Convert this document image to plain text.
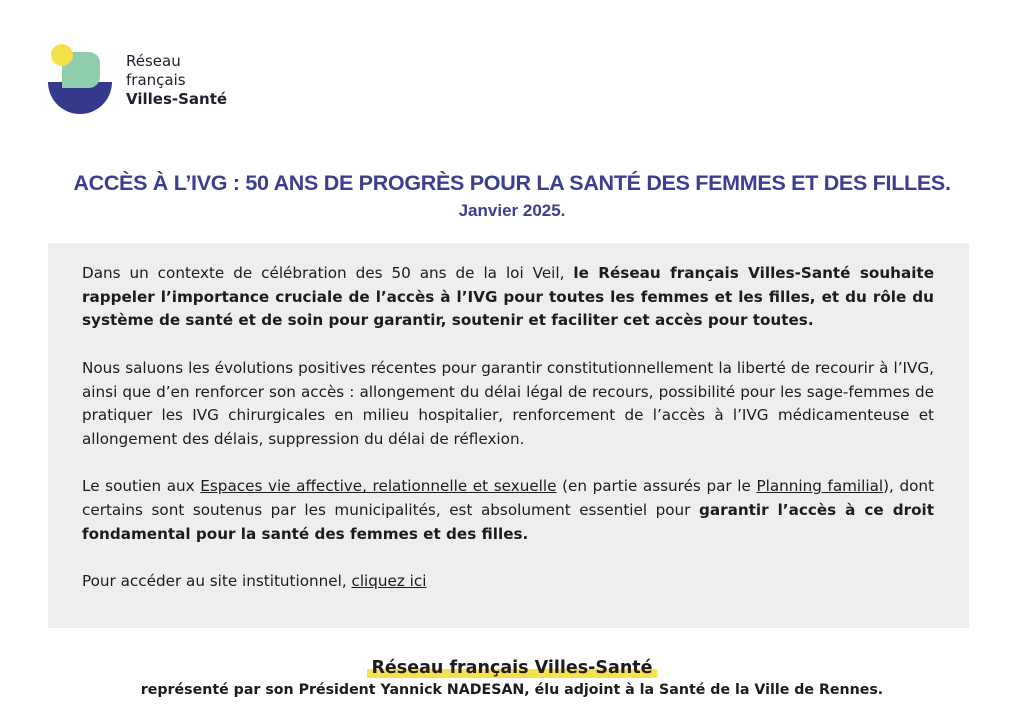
Réseau
français
Villes-Santé
ACCÈS À L’IVG : 50 ANS DE PROGRÈS POUR LA SANTÉ DES FEMMES ET DES FILLES.
Janvier 2025.

Dans un contexte de célébration des 50 ans de la loi Veil, le Réseau français Villes-Santé souhaite rappeler l’importance cruciale de l’accès à l’IVG pour toutes les femmes et les filles, et du rôle du système de santé et de soin pour garantir, soutenir et faciliter cet accès pour toutes.

Nous saluons les évolutions positives récentes pour garantir constitutionnellement la liberté de recourir à l’IVG, ainsi que d’en renforcer son accès : allongement du délai légal de recours, possibilité pour les sage-femmes de pratiquer les IVG chirurgicales en milieu hospitalier, renforcement de l’accès à l’IVG médicamenteuse et allongement des délais, suppression du délai de réflexion.

Le soutien aux Espaces vie affective, relationnelle et sexuelle (en partie assurés par le Planning familial), dont certains sont soutenus par les municipalités, est absolument essentiel pour garantir l’accès à ce droit fondamental pour la santé des femmes et des filles.

Pour accéder au site institutionnel, cliquez ici

Réseau français Villes-Santé
représenté par son Président Yannick NADESAN, élu adjoint à la Santé de la Ville de Rennes.
